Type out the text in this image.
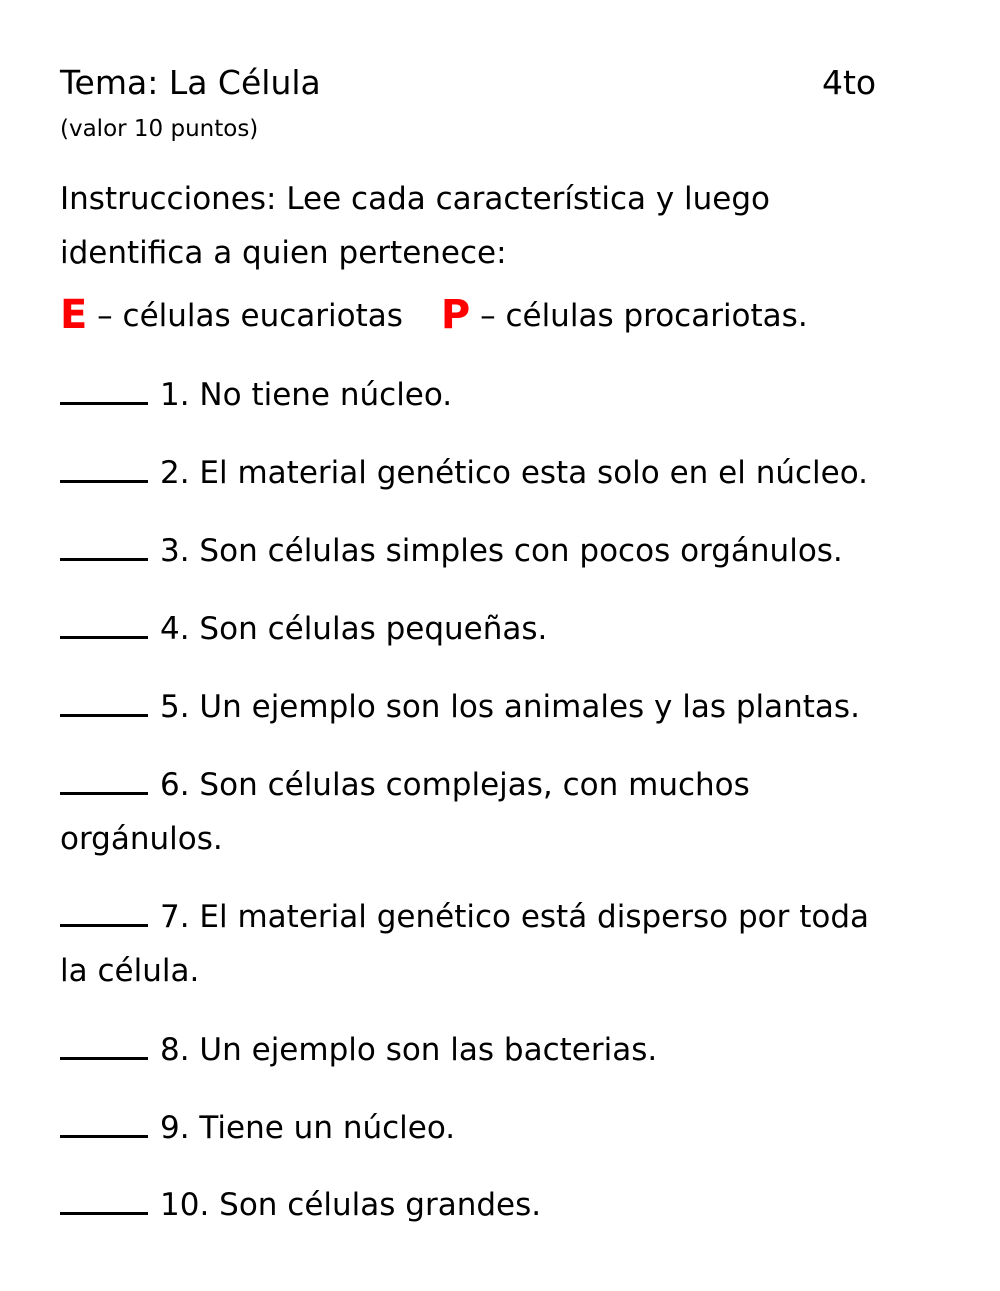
Tema: La Célula	4to
(valor 10 puntos)
Instrucciones: Lee cada característica y luego
identifica a quien pertenece:
E – células eucariotas P – células procariotas.
1. No tiene núcleo.
2. El material genético esta solo en el núcleo.
3. Son células simples con pocos orgánulos.
4. Son células pequeñas.
5. Un ejemplo son los animales y las plantas.
6. Son células complejas, con muchos
orgánulos.
7. El material genético está disperso por toda
la célula.
8. Un ejemplo son las bacterias.
9. Tiene un núcleo.
10. Son células grandes.
